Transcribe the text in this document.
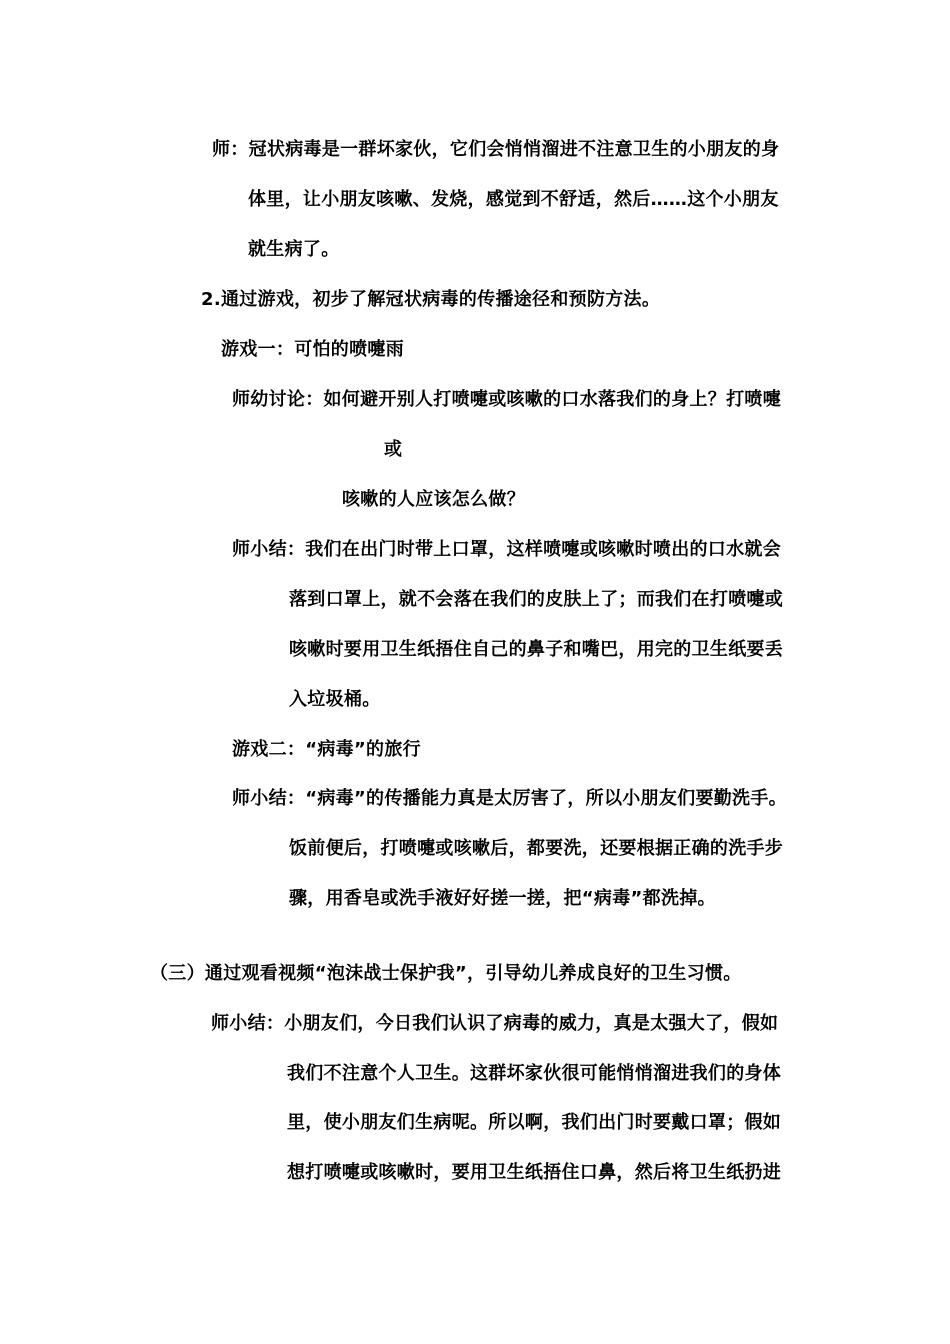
师：冠状病毒是一群坏家伙，它们会悄悄溜进不注意卫生的小朋友的身
体里，让小朋友咳嗽、发烧，感觉到不舒适，然后……这个小朋友
就生病了。
2.通过游戏，初步了解冠状病毒的传播途径和预防方法。
游戏一：可怕的喷嚏雨
师幼讨论：如何避开别人打喷嚏或咳嗽的口水落我们的身上？打喷嚏
或
咳嗽的人应该怎么做？
师小结：我们在出门时带上口罩，这样喷嚏或咳嗽时喷出的口水就会
落到口罩上，就不会落在我们的皮肤上了；而我们在打喷嚏或
咳嗽时要用卫生纸捂住自己的鼻子和嘴巴，用完的卫生纸要丢
入垃圾桶。
游戏二：“病毒”的旅行
师小结：“病毒”的传播能力真是太厉害了，所以小朋友们要勤洗手。
饭前便后，打喷嚏或咳嗽后，都要洗，还要根据正确的洗手步
骤，用香皂或洗手液好好搓一搓，把“病毒”都洗掉。
（三）通过观看视频“泡沫战士保护我”，引导幼儿养成良好的卫生习惯。
师小结：小朋友们，今日我们认识了病毒的威力，真是太强大了，假如
我们不注意个人卫生。这群坏家伙很可能悄悄溜进我们的身体
里，使小朋友们生病呢。所以啊，我们出门时要戴口罩；假如
想打喷嚏或咳嗽时，要用卫生纸捂住口鼻，然后将卫生纸扔进
